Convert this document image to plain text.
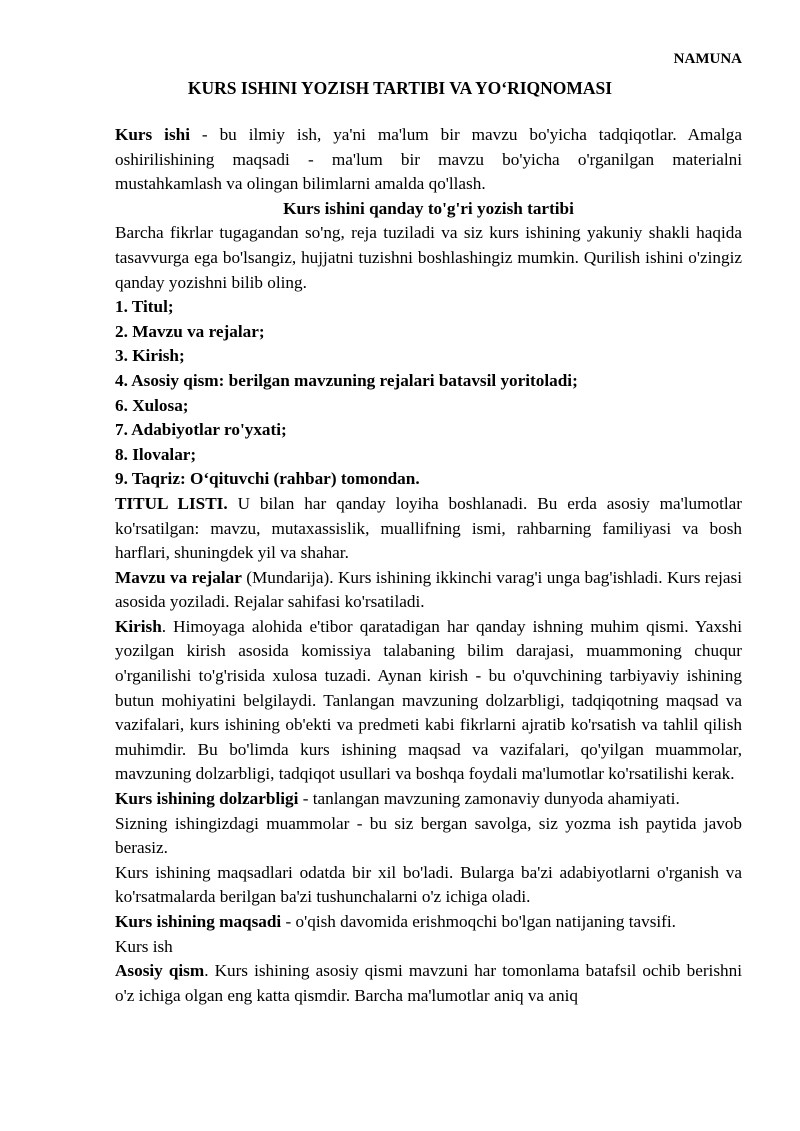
NAMUNA
KURS ISHINI YOZISH TARTIBI VA YO‘RIQNOMASI

Kurs ishi - bu ilmiy ish, ya'ni ma'lum bir mavzu bo'yicha tadqiqotlar. Amalga oshirilishining maqsadi - ma'lum bir mavzu bo'yicha o'rganilgan materialni mustahkamlash va olingan bilimlarni amalda qo'llash.

Kurs ishini qanday to'g'ri yozish tartibi

Barcha fikrlar tugagandan so'ng, reja tuziladi va siz kurs ishining yakuniy shakli haqida tasavvurga ega bo'lsangiz, hujjatni tuzishni boshlashingiz mumkin. Qurilish ishini o'zingiz qanday yozishni bilib oling.

1. Titul;

2. Mavzu va rejalar;

3. Kirish;

4. Asosiy qism: berilgan mavzuning rejalari batavsil yoritoladi;

6. Xulosa;

7. Adabiyotlar ro'yxati;

8. Ilovalar;

9. Taqriz: O‘qituvchi (rahbar) tomondan.

TITUL LISTI. U bilan har qanday loyiha boshlanadi. Bu erda asosiy ma'lumotlar ko'rsatilgan: mavzu, mutaxassislik, muallifning ismi, rahbarning familiyasi va bosh harflari, shuningdek yil va shahar.

Mavzu va rejalar (Mundarija). Kurs ishining ikkinchi varag'i unga bag'ishladi. Kurs rejasi asosida yoziladi. Rejalar sahifasi ko'rsatiladi.

Kirish. Himoyaga alohida e'tibor qaratadigan har qanday ishning muhim qismi. Yaxshi yozilgan kirish asosida komissiya talabaning bilim darajasi, muammoning chuqur o'rganilishi to'g'risida xulosa tuzadi. Aynan kirish - bu o'quvchining tarbiyaviy ishining butun mohiyatini belgilaydi. Tanlangan mavzuning dolzarbligi, tadqiqotning maqsad va vazifalari, kurs ishining ob'ekti va predmeti kabi fikrlarni ajratib ko'rsatish va tahlil qilish muhimdir. Bu bo'limda kurs ishining maqsad va vazifalari, qo'yilgan muammolar, mavzuning dolzarbligi, tadqiqot usullari va boshqa foydali ma'lumotlar ko'rsatilishi kerak.

Kurs ishining dolzarbligi - tanlangan mavzuning zamonaviy dunyoda ahamiyati.

Sizning ishingizdagi muammolar - bu siz bergan savolga, siz yozma ish paytida javob berasiz.

Kurs ishining maqsadlari odatda bir xil bo'ladi. Bularga ba'zi adabiyotlarni o'rganish va ko'rsatmalarda berilgan ba'zi tushunchalarni o'z ichiga oladi.

Kurs ishining maqsadi - o'qish davomida erishmoqchi bo'lgan natijaning tavsifi.

Kurs ish

Asosiy qism. Kurs ishining asosiy qismi mavzuni har tomonlama batafsil ochib berishni o'z ichiga olgan eng katta qismdir. Barcha ma'lumotlar aniq va aniq
